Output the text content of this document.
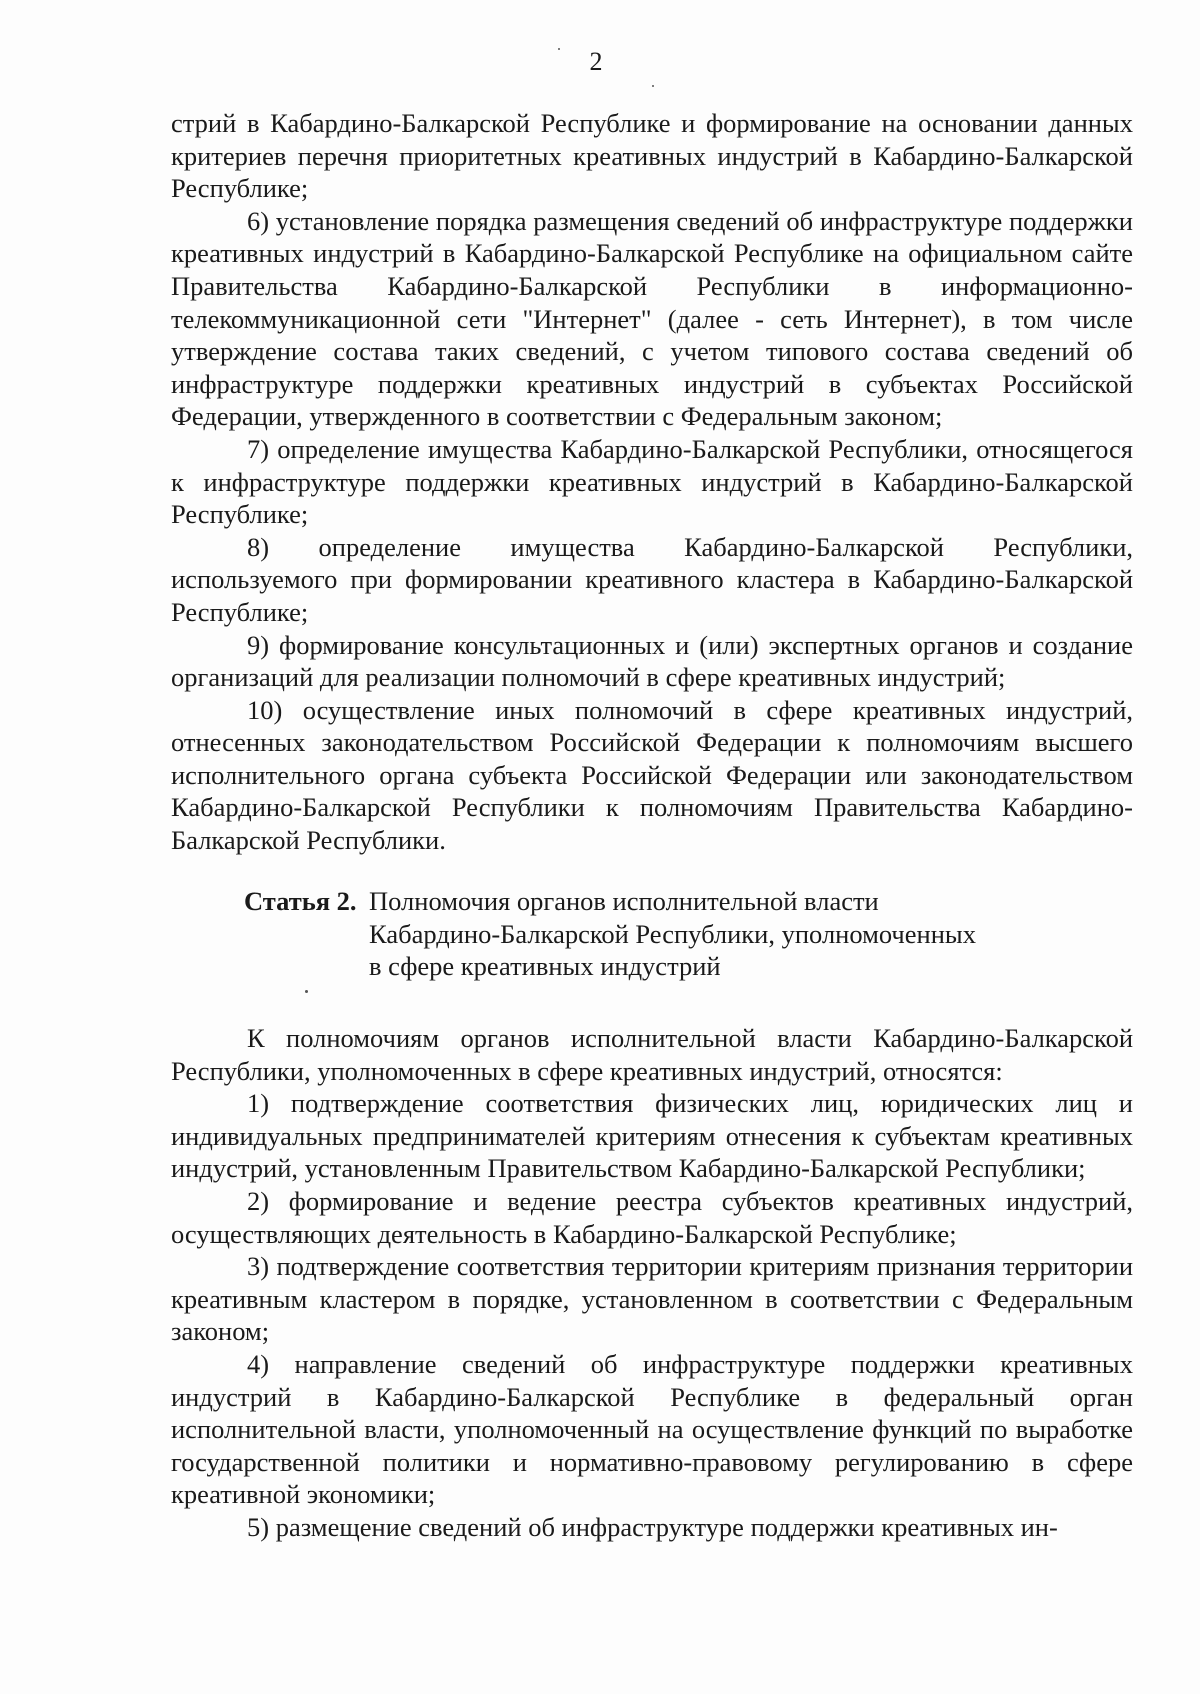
2

стрий в Кабардино-Балкарской Республике и формирование на основании данных критериев перечня приоритетных креативных индустрий в Кабардино-Балкарской Республике;

6) установление порядка размещения сведений об инфраструктуре поддержки креативных индустрий в Кабардино-Балкарской Республике на официальном сайте Правительства Кабардино-Балкарской Республики в информационно-телекоммуникационной сети "Интернет" (далее - сеть Интернет), в том числе утверждение состава таких сведений, с учетом типового состава сведений об инфраструктуре поддержки креативных индустрий в субъектах Российской Федерации, утвержденного в соответствии с Федеральным законом;

7) определение имущества Кабардино-Балкарской Республики, относящегося к инфраструктуре поддержки креативных индустрий в Кабардино-Балкарской Республике;

8) определение имущества Кабардино-Балкарской Республики, используемого при формировании креативного кластера в Кабардино-Балкарской Республике;

9) формирование консультационных и (или) экспертных органов и создание организаций для реализации полномочий в сфере креативных индустрий;

10) осуществление иных полномочий в сфере креативных индустрий, отнесенных законодательством Российской Федерации к полномочиям высшего исполнительного органа субъекта Российской Федерации или законодательством Кабардино-Балкарской Республики к полномочиям Правительства Кабардино-Балкарской Республики.

Статья 2. Полномочия органов исполнительной власти
Кабардино-Балкарской Республики, уполномоченных
в сфере креативных индустрий

К полномочиям органов исполнительной власти Кабардино-Балкарской Республики, уполномоченных в сфере креативных индустрий, относятся:

1) подтверждение соответствия физических лиц, юридических лиц и индивидуальных предпринимателей критериям отнесения к субъектам креативных индустрий, установленным Правительством Кабардино-Балкарской Республики;

2) формирование и ведение реестра субъектов креативных индустрий, осуществляющих деятельность в Кабардино-Балкарской Республике;

3) подтверждение соответствия территории критериям признания территории креативным кластером в порядке, установленном в соответствии с Федеральным законом;

4) направление сведений об инфраструктуре поддержки креативных индустрий в Кабардино-Балкарской Республике в федеральный орган исполнительной власти, уполномоченный на осуществление функций по выработке государственной политики и нормативно-правовому регулированию в сфере креативной экономики;

5) размещение сведений об инфраструктуре поддержки креативных ин-
